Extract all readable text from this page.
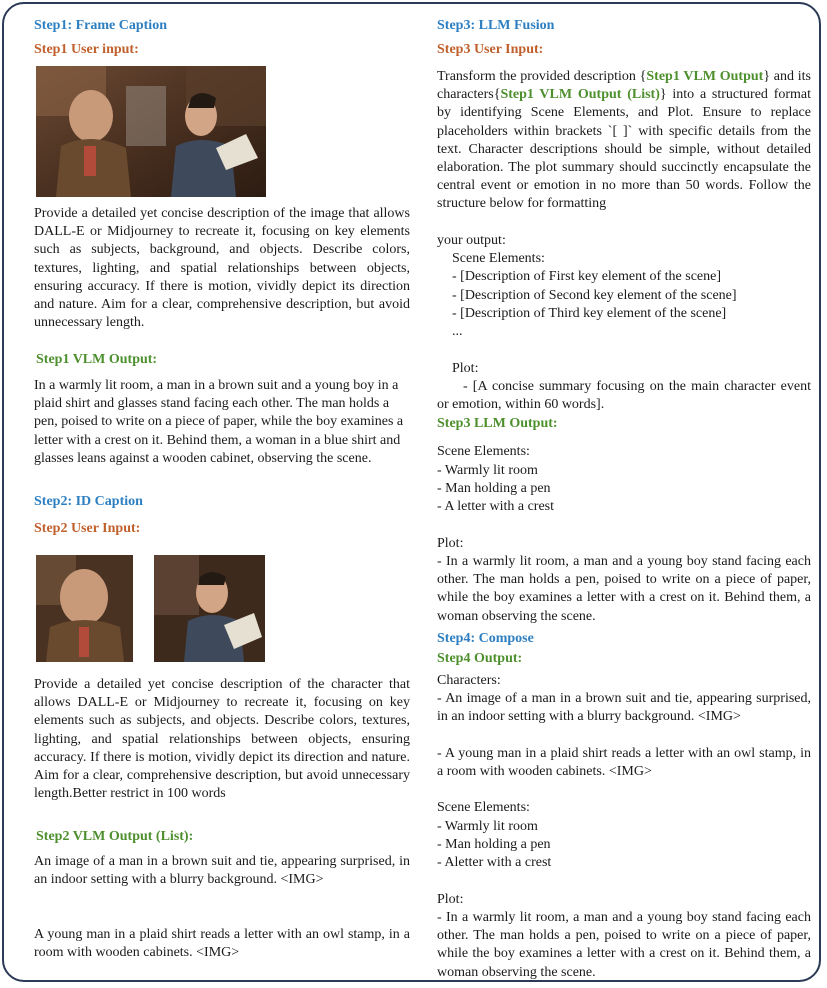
Step1: Frame Caption
Step1 User input:
Provide a detailed yet concise description of the image that allows DALL-E or Midjourney to recreate it, focusing on key elements such as subjects, background, and objects. Describe colors, textures, lighting, and spatial relationships between objects, ensuring accuracy. If there is motion, vividly depict its direction and nature. Aim for a clear, comprehensive description, but avoid unnecessary length.
Step1 VLM Output:
In a warmly lit room, a man in a brown suit and a young boy in a plaid shirt and glasses stand facing each other. The man holds a pen, poised to write on a piece of paper, while the boy examines a letter with a crest on it. Behind them, a woman in a blue shirt and glasses leans against a wooden cabinet, observing the scene.
Step2: ID Caption
Step2 User Input:
Provide a detailed yet concise description of the character that allows DALL-E or Midjourney to recreate it, focusing on key elements such as subjects, and objects. Describe colors, textures, lighting, and spatial relationships between objects, ensuring accuracy. If there is motion, vividly depict its direction and nature. Aim for a clear, comprehensive description, but avoid unnecessary length.Better restrict in 100 words
Step2 VLM Output (List):
An image of a man in a brown suit and tie, appearing surprised, in an indoor setting with a blurry background. <IMG>
A young man in a plaid shirt reads a letter with an owl stamp, in a room with wooden cabinets. <IMG>
Step3: LLM Fusion
Step3 User Input:
Transform the provided description {Step1 VLM Output} and its characters{Step1 VLM Output (List)} into a structured format by identifying Scene Elements, and Plot. Ensure to replace placeholders within brackets `[ ]` with specific details from the text. Character descriptions should be simple, without detailed elaboration. The plot summary should succinctly encapsulate the central event or emotion in no more than 50 words. Follow the structure below for formatting
your output:
Scene Elements:
- [Description of First key element of the scene]
- [Description of Second key element of the scene]
- [Description of Third key element of the scene]
...
Plot:
- [A concise summary focusing on the main character event or emotion, within 60 words].
Step3 LLM Output:
Scene Elements:
- Warmly lit room
- Man holding a pen
- A letter with a crest
Plot:
- In a warmly lit room, a man and a young boy stand facing each other. The man holds a pen, poised to write on a piece of paper, while the boy examines a letter with a crest on it. Behind them, a woman observing the scene.
Step4: Compose
Step4 Output:
Characters:
- An image of a man in a brown suit and tie, appearing surprised, in an indoor setting with a blurry background. <IMG>
- A young man in a plaid shirt reads a letter with an owl stamp, in a room with wooden cabinets. <IMG>
Scene Elements:
- Warmly lit room
- Man holding a pen
- Aletter with a crest
Plot:
- In a warmly lit room, a man and a young boy stand facing each other. The man holds a pen, poised to write on a piece of paper, while the boy examines a letter with a crest on it. Behind them, a woman observing the scene.
